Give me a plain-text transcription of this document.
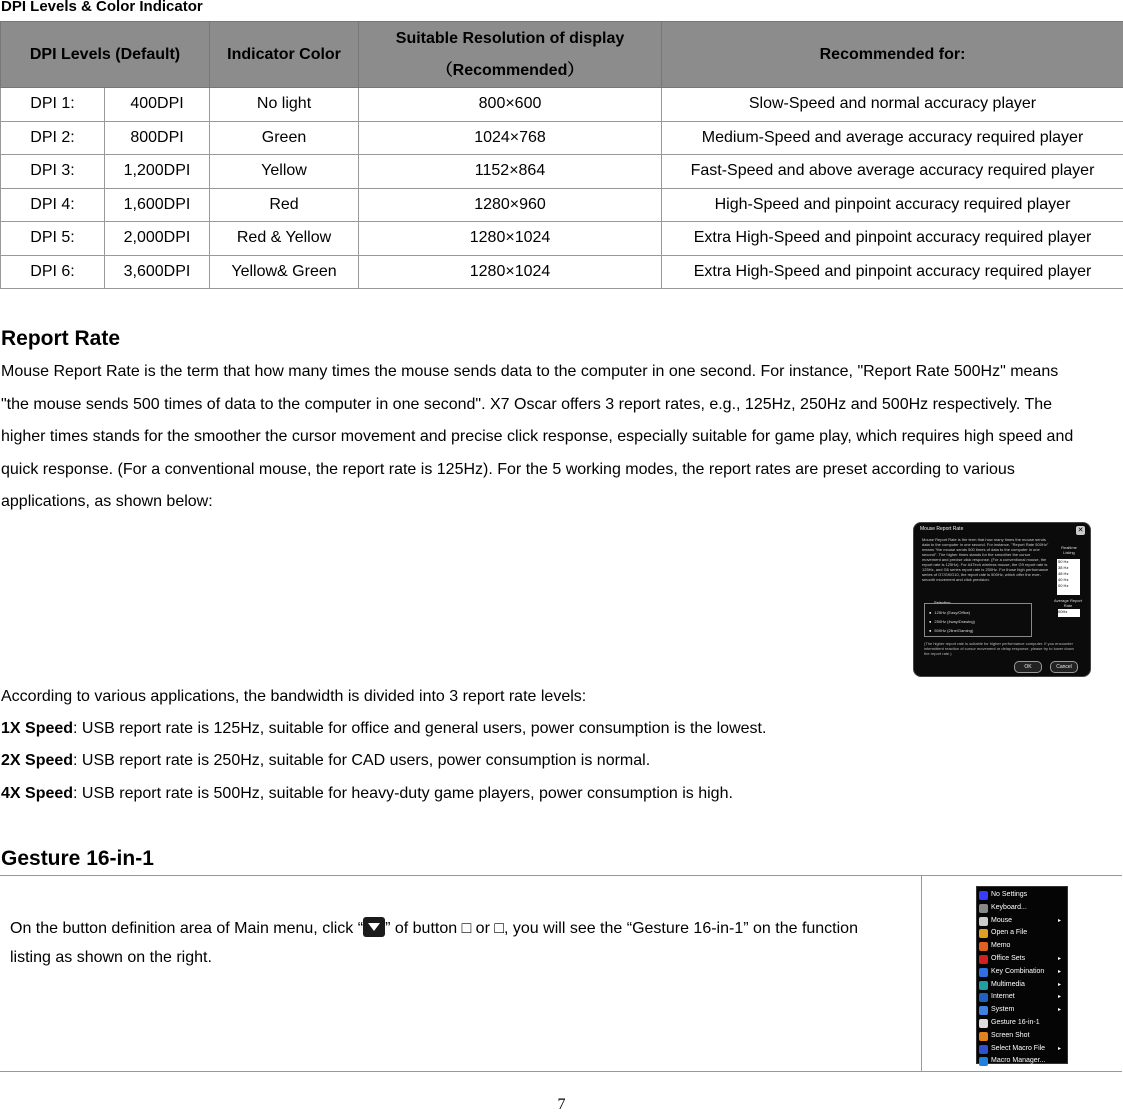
DPI Levels & Color Indicator
DPI Levels (Default)		Indicator Color	Suitable Resolution of display
（Recommended）	Recommended for:
DPI 1:	400DPI	No light	800×600	Slow-Speed and normal accuracy player
DPI 2:	800DPI	Green	1024×768	Medium-Speed and average accuracy required player
DPI 3:	1,200DPI	Yellow	1152×864	Fast-Speed and above average accuracy required player
DPI 4:	1,600DPI	Red	1280×960	High-Speed and pinpoint accuracy required player
DPI 5:	2,000DPI	Red & Yellow	1280×1024	Extra High-Speed and pinpoint accuracy required player
DPI 6:	3,600DPI	Yellow& Green	1280×1024	Extra High-Speed and pinpoint accuracy required player
Report Rate
Mouse Report Rate is the term that how many times the mouse sends data to the computer in one second. For instance, "Report Rate 500Hz" means
"the mouse sends 500 times of data to the computer in one second". X7 Oscar offers 3 report rates, e.g., 125Hz, 250Hz and 500Hz respectively. The
higher times stands for the smoother the cursor movement and precise click response, especially suitable for game play, which requires high speed and
quick response. (For a conventional mouse, the report rate is 125Hz). For the 5 working modes, the report rates are preset according to various
applications, as shown below:
Mouse Report Rate	✕
Mouse Report Rate is the term that how many times the mouse sends data to the computer in one second. For instance, "Report Rate 500Hz" means "the mouse sends 500 times of data to the computer in one second". The higher times stands for the smoother the cursor movement and precise click response. (For a conventional mouse, the report rate is 125Hz). For A4Tech wireless mouse, the G9 report rate is 125Hz, and G6 series report rate is 250Hz. For those high performance series of G7/G9/G10, the report rate is 500Hz, which offer the ever-smooth movement and click precision.
Realtime Listing
50 Hz
38 Hz
48 Hz
40 Hz
00 Hz
Average Report Rate
00Hz
Selection
● 125Hz (Easy/Office)
● 250Hz (4way/Drawing)
● 500Hz (2line/Gaming)
(The higher report rate is suitable for higher performance computer. If you encounter intermittent reaction of cursor movement or delay response, please try to lower down the report rate.)
OK	Cancel
According to various applications, the bandwidth is divided into 3 report rate levels:
1X Speed: USB report rate is 125Hz, suitable for office and general users, power consumption is the lowest.
2X Speed: USB report rate is 250Hz, suitable for CAD users, power consumption is normal.
4X Speed: USB report rate is 500Hz, suitable for heavy-duty game players, power consumption is high.
Gesture 16-in-1
On the button definition area of Main menu, click “ ” of button □ or □, you will see the “Gesture 16-in-1” on the function
listing as shown on the right.
No Settings
Keyboard...
Mouse	▸
Open a File
Memo
Office Sets	▸
Key Combination ▸
Multimedia	▸
Internet	▸
System	▸
Gesture 16-in-1
Screen Shot
Select Macro File ▸
Macro Manager...
7
